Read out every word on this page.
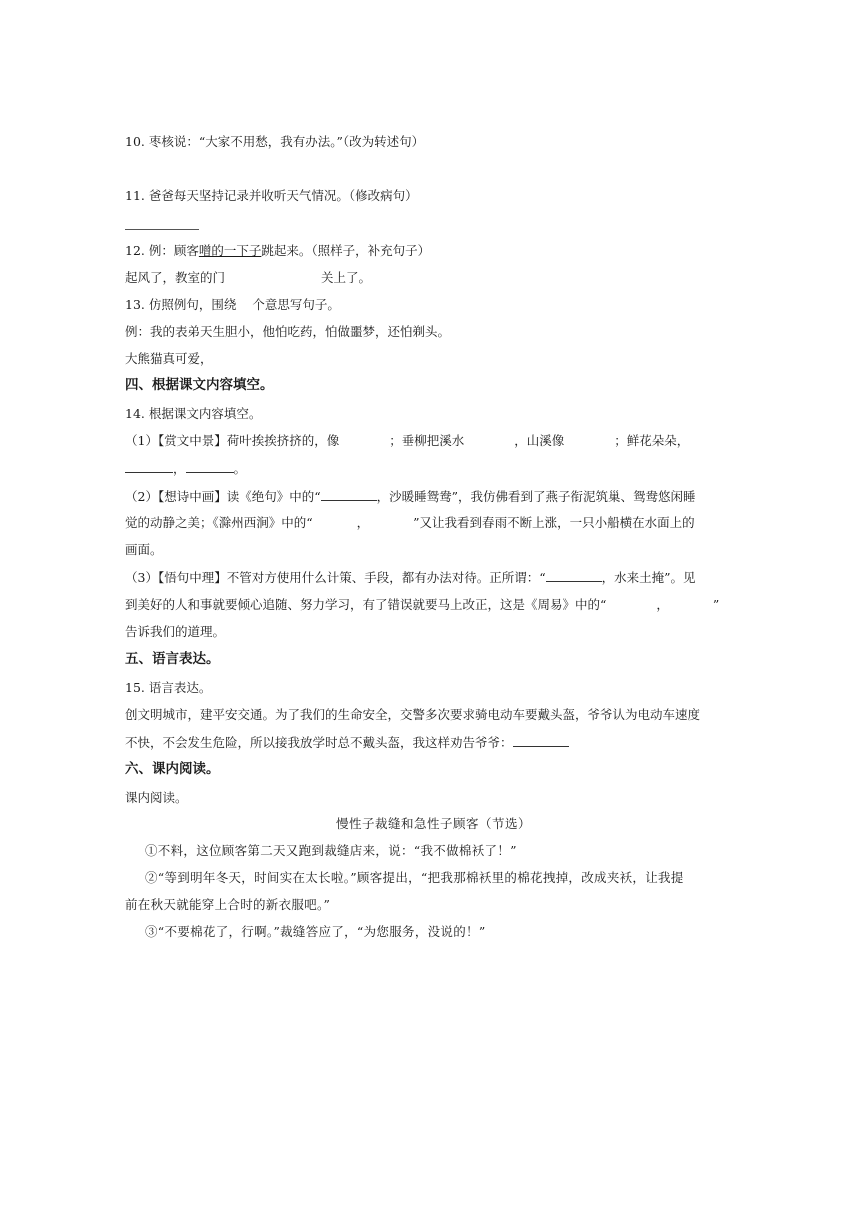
10. 枣核说：“大家不用愁，我有办法。”（改为转述句）
11. 爸爸每天坚持记录并收听天气情况。（修改病句）
12. 例：顾客噌的一下子跳起来。（照样子，补充句子）
起风了，教室的门	关上了。
13. 仿照例句，围绕 个意思写句子。
例：我的表弟天生胆小，他怕吃药，怕做噩梦，还怕剃头。
大熊猫真可爱，
四、根据课文内容填空。
14. 根据课文内容填空。
（1）【赏文中景】荷叶挨挨挤挤的，像	；垂柳把溪水	，山溪像	；鲜花朵朵，
，	。
（2）【想诗中画】读《绝句》中的“	，沙暖睡鸳鸯”，我仿佛看到了燕子衔泥筑巢、鸳鸯悠闲睡
觉的动静之美；《滁州西涧》中的“	，	”又让我看到春雨不断上涨，一只小船横在水面上的
画面。
（3）【悟句中理】不管对方使用什么计策、手段，都有办法对待。正所谓：“	，水来土掩”。见
到美好的人和事就要倾心追随、努力学习，有了错误就要马上改正，这是《周易》中的“	，	”
告诉我们的道理。
五、语言表达。
15. 语言表达。
创文明城市，建平安交通。为了我们的生命安全，交警多次要求骑电动车要戴头盔，爷爷认为电动车速度
不快，不会发生危险，所以接我放学时总不戴头盔，我这样劝告爷爷：
六、课内阅读。
课内阅读。
慢性子裁缝和急性子顾客（节选）
①不料，这位顾客第二天又跑到裁缝店来，说：“我不做棉袄了！”
②“等到明年冬天，时间实在太长啦。”顾客提出，“把我那棉袄里的棉花拽掉，改成夹袄，让我提
前在秋天就能穿上合时的新衣服吧。”
③“不要棉花了，行啊。”裁缝答应了，“为您服务，没说的！”
